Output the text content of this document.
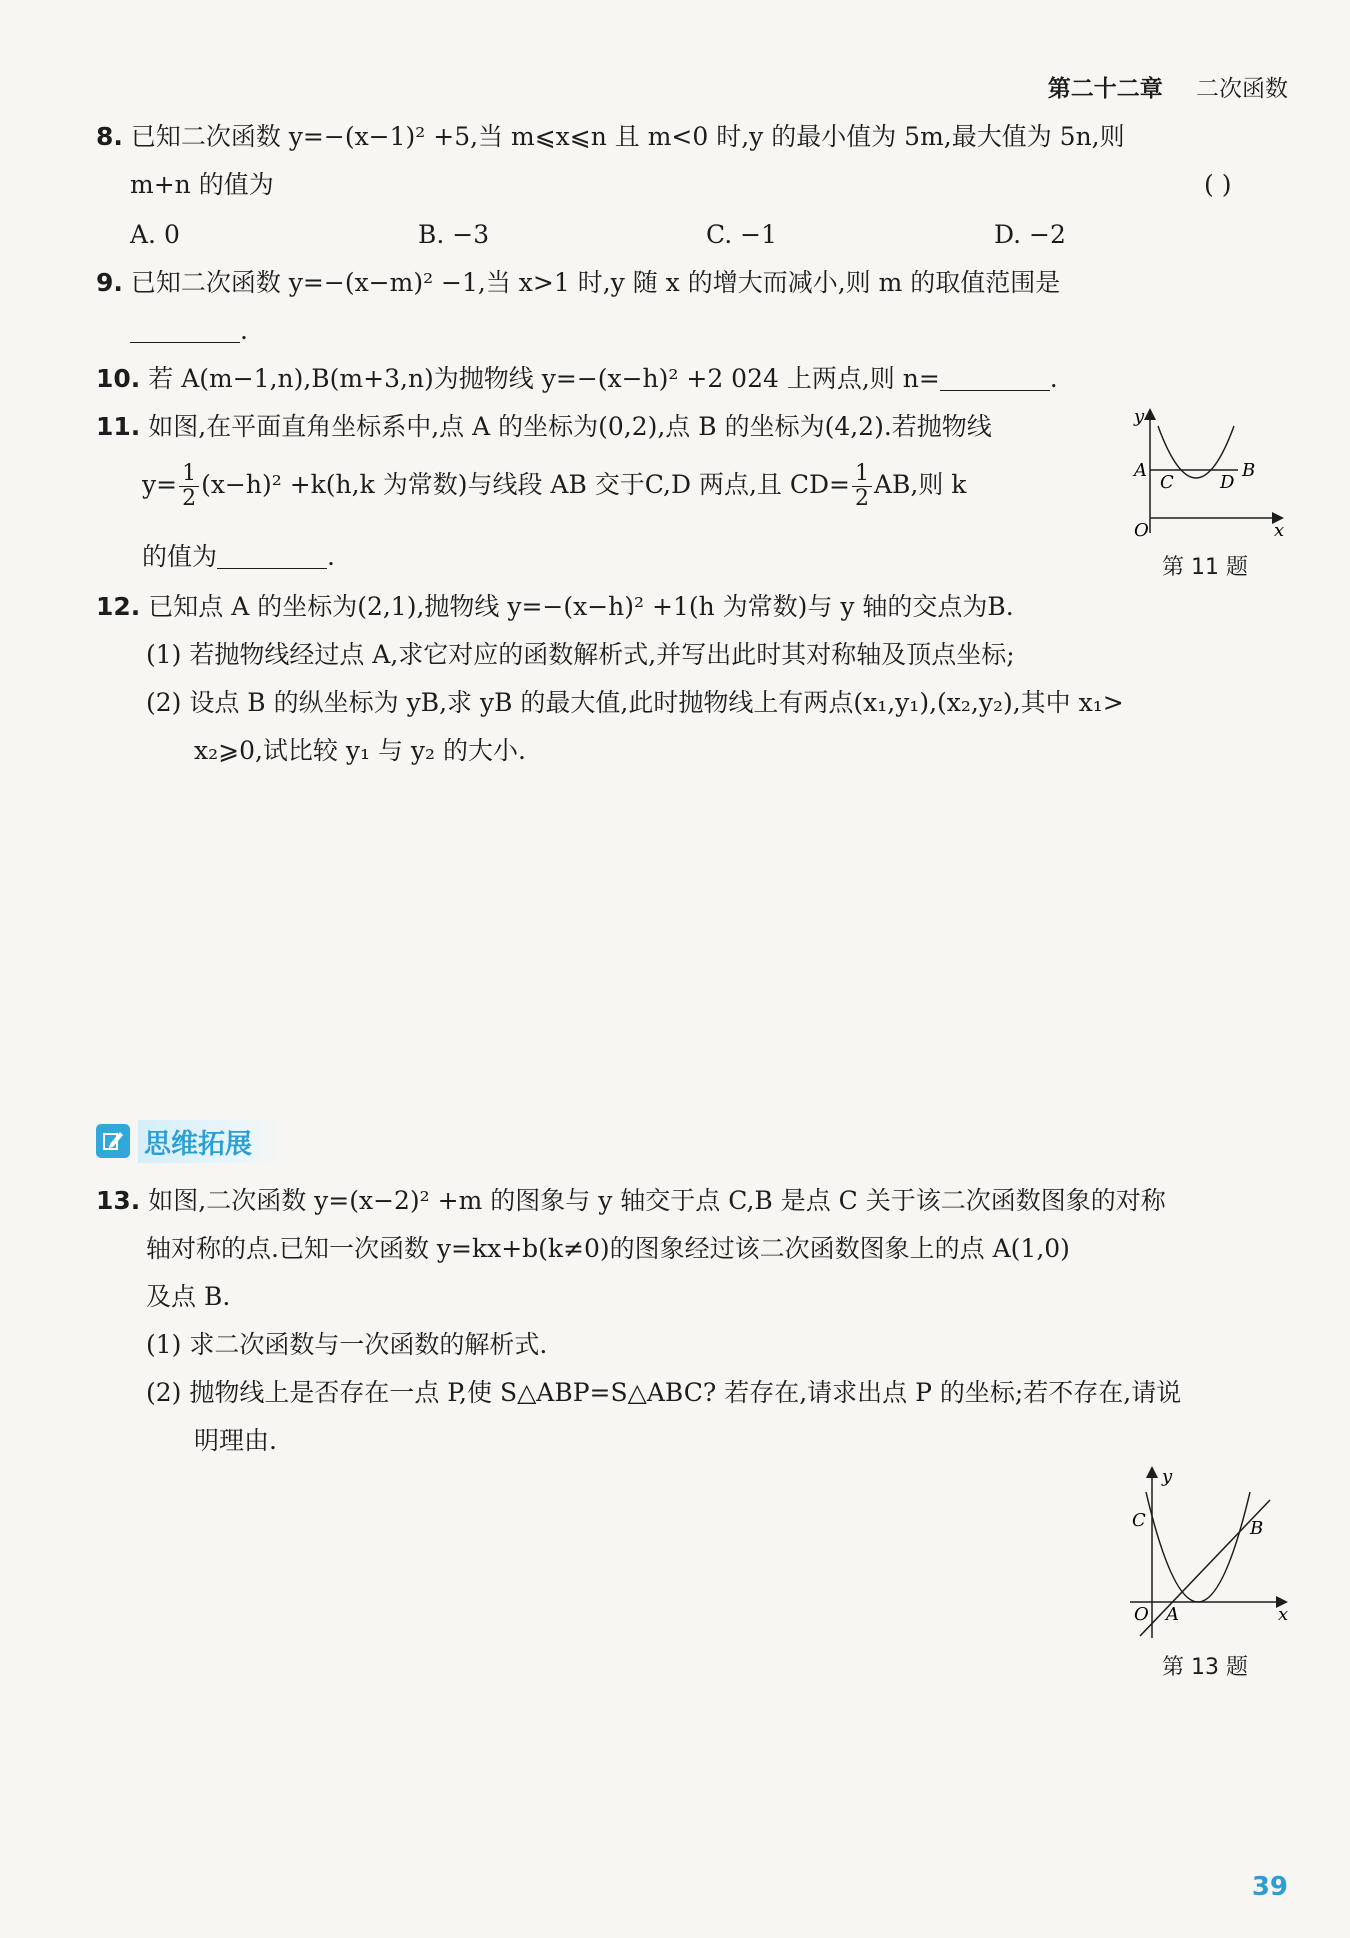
第二十二章 二次函数
8. 已知二次函数 y=−(x−1)² +5,当 m⩽x⩽n 且 m<0 时,y 的最小值为 5m,最大值为 5n,则
m+n 的值为	( )
A. 0	B. −3	C. −1	D. −2
9. 已知二次函数 y=−(x−m)² −1,当 x>1 时,y 随 x 的增大而减小,则 m 的取值范围是
.
10. 若 A(m−1,n),B(m+3,n)为抛物线 y=−(x−h)² +2 024 上两点,则 n=	.
11. 如图,在平面直角坐标系中,点 A 的坐标为(0,2),点 B 的坐标为(4,2).若抛物线
$y= \frac{1}{2} (x-h)^2 +k(h,k$ 为常数)与线段 AB 交于C,D 两点,且 $CD= \frac{1}{2}$ AB,则 k
的值为	.
y
A
C	D
B
O	x
第 11 题
12. 已知点 A 的坐标为(2,1),抛物线 y=−(x−h)² +1(h 为常数)与 y 轴的交点为B.
(1) 若抛物线经过点 A,求它对应的函数解析式,并写出此时其对称轴及顶点坐标;
(2) 设点 B 的纵坐标为 yB,求 yB 的最大值,此时抛物线上有两点(x₁,y₁),(x₂,y₂),其中 x₁>
x₂⩾0,试比较 y₁ 与 y₂ 的大小.
思维拓展
13. 如图,二次函数 y=(x−2)² +m 的图象与 y 轴交于点 C,B 是点 C 关于该二次函数图象的对称
轴对称的点.已知一次函数 y=kx+b(k≠0)的图象经过该二次函数图象上的点 A(1,0)
及点 B.
(1) 求二次函数与一次函数的解析式.
(2) 抛物线上是否存在一点 P,使 S△ABP=S△ABC? 若存在,请求出点 P 的坐标;若不存在,请说
明理由.
y
C	B
O A	x
第 13 题
39
